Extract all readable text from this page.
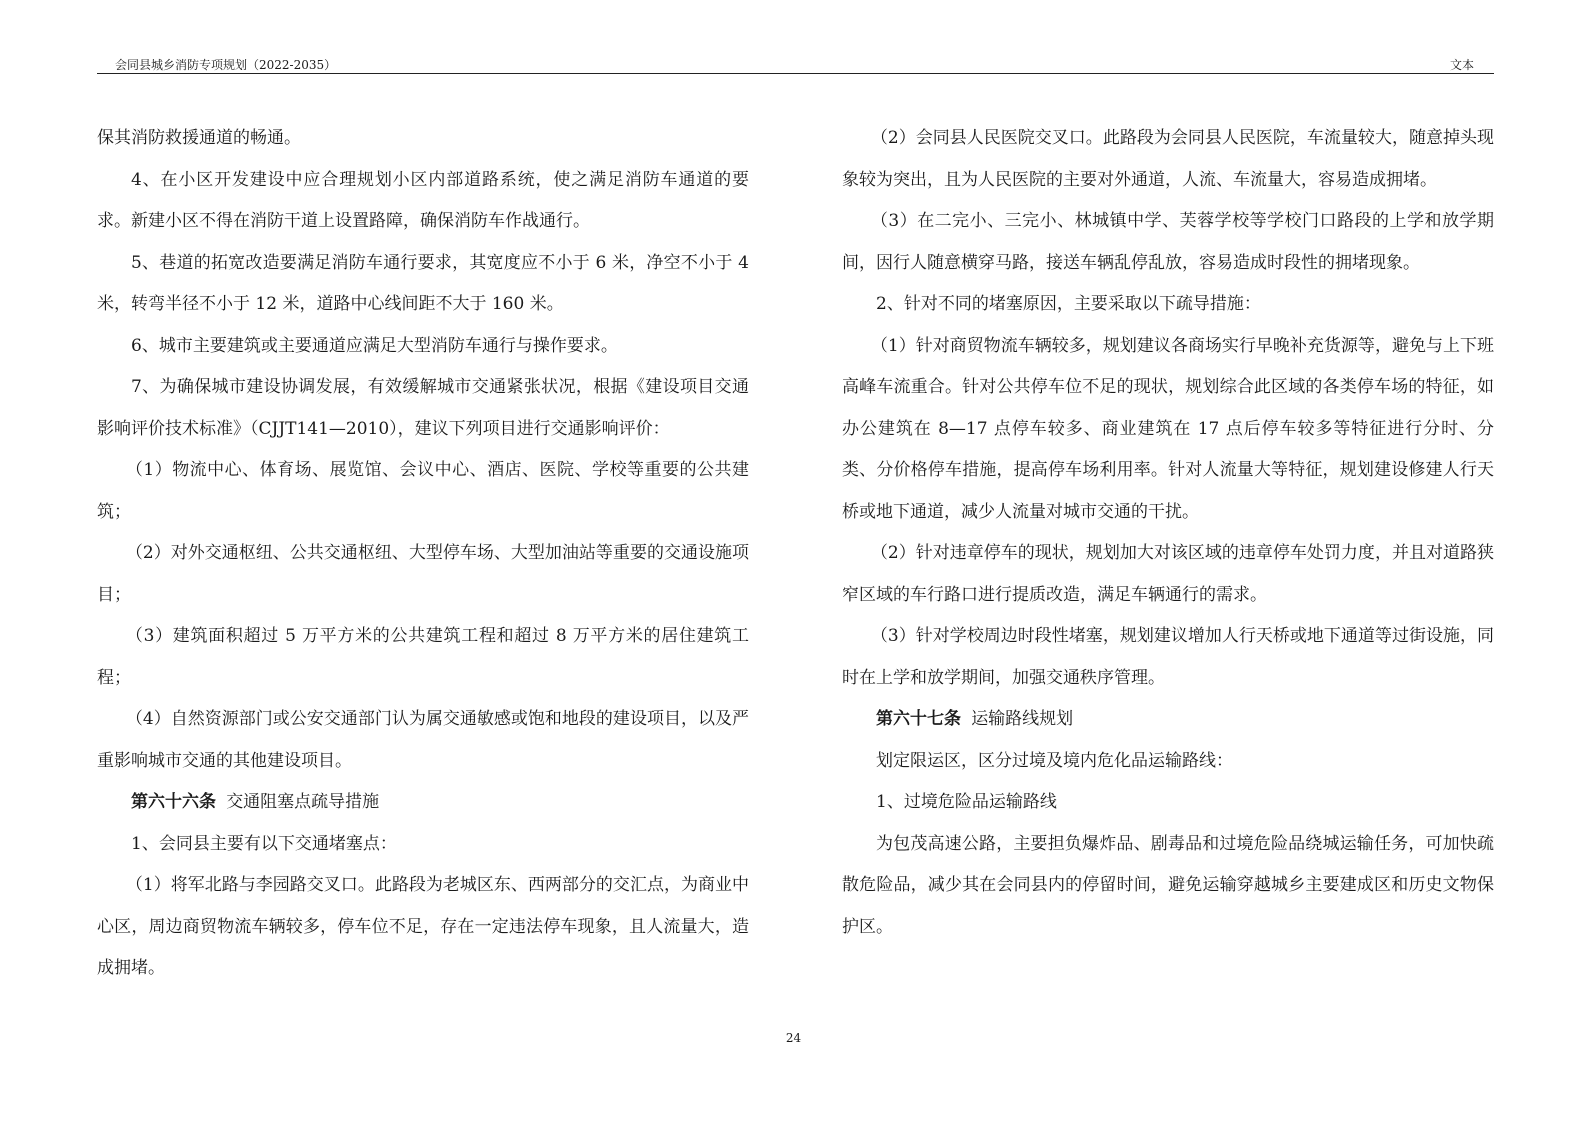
会同县城乡消防专项规划（2022-2035）	文本

保其消防救援通道的畅通。

4、在小区开发建设中应合理规划小区内部道路系统，使之满足消防车通道的要求。新建小区不得在消防干道上设置路障，确保消防车作战通行。

5、巷道的拓宽改造要满足消防车通行要求，其宽度应不小于 6 米，净空不小于 4 米，转弯半径不小于 12 米，道路中心线间距不大于 160 米。

6、城市主要建筑或主要通道应满足大型消防车通行与操作要求。

7、为确保城市建设协调发展，有效缓解城市交通紧张状况，根据《建设项目交通影响评价技术标准》（CJJT141—2010），建议下列项目进行交通影响评价：

（1）物流中心、体育场、展览馆、会议中心、酒店、医院、学校等重要的公共建筑；

（2）对外交通枢纽、公共交通枢纽、大型停车场、大型加油站等重要的交通设施项目；

（3）建筑面积超过 5 万平方米的公共建筑工程和超过 8 万平方米的居住建筑工程；

（4）自然资源部门或公安交通部门认为属交通敏感或饱和地段的建设项目，以及严重影响城市交通的其他建设项目。

第六十六条 交通阻塞点疏导措施

1、会同县主要有以下交通堵塞点：

（1）将军北路与李园路交叉口。此路段为老城区东、西两部分的交汇点，为商业中心区，周边商贸物流车辆较多，停车位不足，存在一定违法停车现象，且人流量大，造成拥堵。

（2）会同县人民医院交叉口。此路段为会同县人民医院，车流量较大，随意掉头现象较为突出，且为人民医院的主要对外通道，人流、车流量大，容易造成拥堵。

（3）在二完小、三完小、林城镇中学、芙蓉学校等学校门口路段的上学和放学期间，因行人随意横穿马路，接送车辆乱停乱放，容易造成时段性的拥堵现象。

2、针对不同的堵塞原因，主要采取以下疏导措施：

（1）针对商贸物流车辆较多，规划建议各商场实行早晚补充货源等，避免与上下班高峰车流重合。针对公共停车位不足的现状，规划综合此区域的各类停车场的特征，如办公建筑在 8—17 点停车较多、商业建筑在 17 点后停车较多等特征进行分时、分类、分价格停车措施，提高停车场利用率。针对人流量大等特征，规划建设修建人行天桥或地下通道，减少人流量对城市交通的干扰。

（2）针对违章停车的现状，规划加大对该区域的违章停车处罚力度，并且对道路狭窄区域的车行路口进行提质改造，满足车辆通行的需求。

（3）针对学校周边时段性堵塞，规划建议增加人行天桥或地下通道等过街设施，同时在上学和放学期间，加强交通秩序管理。

第六十七条 运输路线规划

划定限运区，区分过境及境内危化品运输路线：

1、过境危险品运输路线

为包茂高速公路，主要担负爆炸品、剧毒品和过境危险品绕城运输任务，可加快疏散危险品，减少其在会同县内的停留时间，避免运输穿越城乡主要建成区和历史文物保护区。

24
